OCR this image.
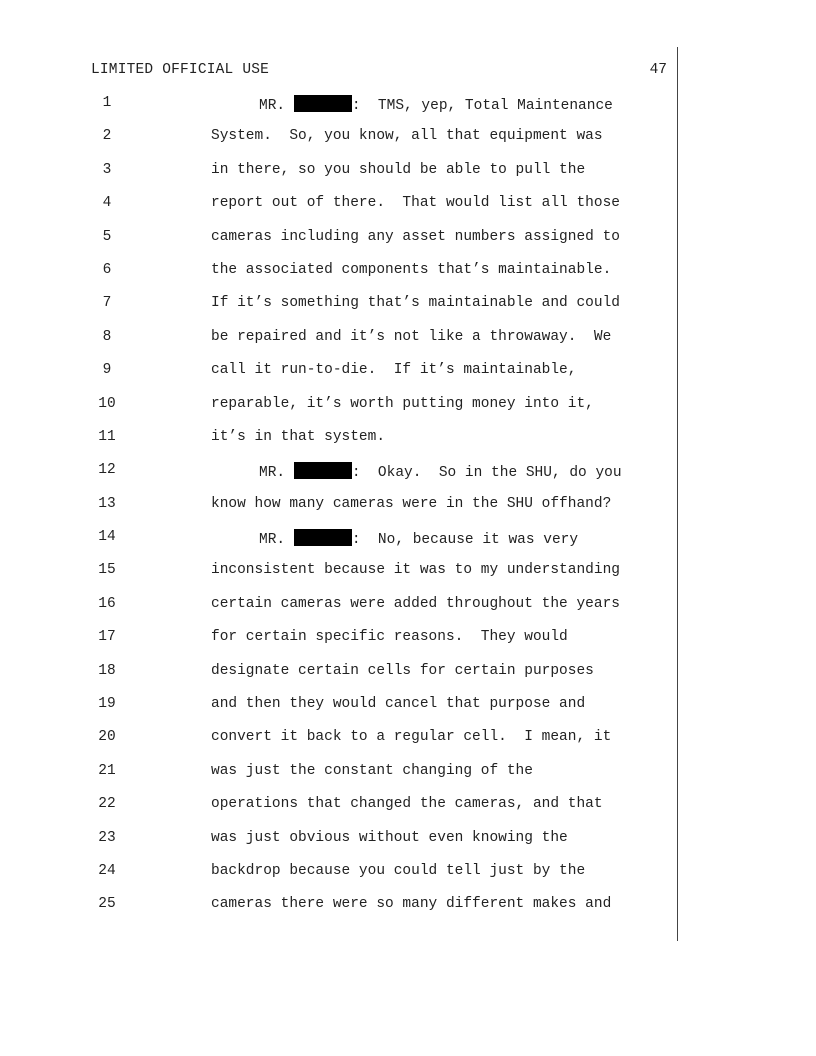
LIMITED OFFICIAL USE	47
1	MR.	:  TMS, yep, Total Maintenance
2	System.  So, you know, all that equipment was
3	in there, so you should be able to pull the
4	report out of there.  That would list all those
5	cameras including any asset numbers assigned to
6	the associated components that’s maintainable.
7	If it’s something that’s maintainable and could
8	be repaired and it’s not like a throwaway.  We
9	call it run-to-die.  If it’s maintainable,
10	reparable, it’s worth putting money into it,
11	it’s in that system.
12	MR.	:  Okay.  So in the SHU, do you
13	know how many cameras were in the SHU offhand?
14	MR.	:  No, because it was very
15	inconsistent because it was to my understanding
16	certain cameras were added throughout the years
17	for certain specific reasons.  They would
18	designate certain cells for certain purposes
19	and then they would cancel that purpose and
20	convert it back to a regular cell.  I mean, it
21	was just the constant changing of the
22	operations that changed the cameras, and that
23	was just obvious without even knowing the
24	backdrop because you could tell just by the
25	cameras there were so many different makes and
